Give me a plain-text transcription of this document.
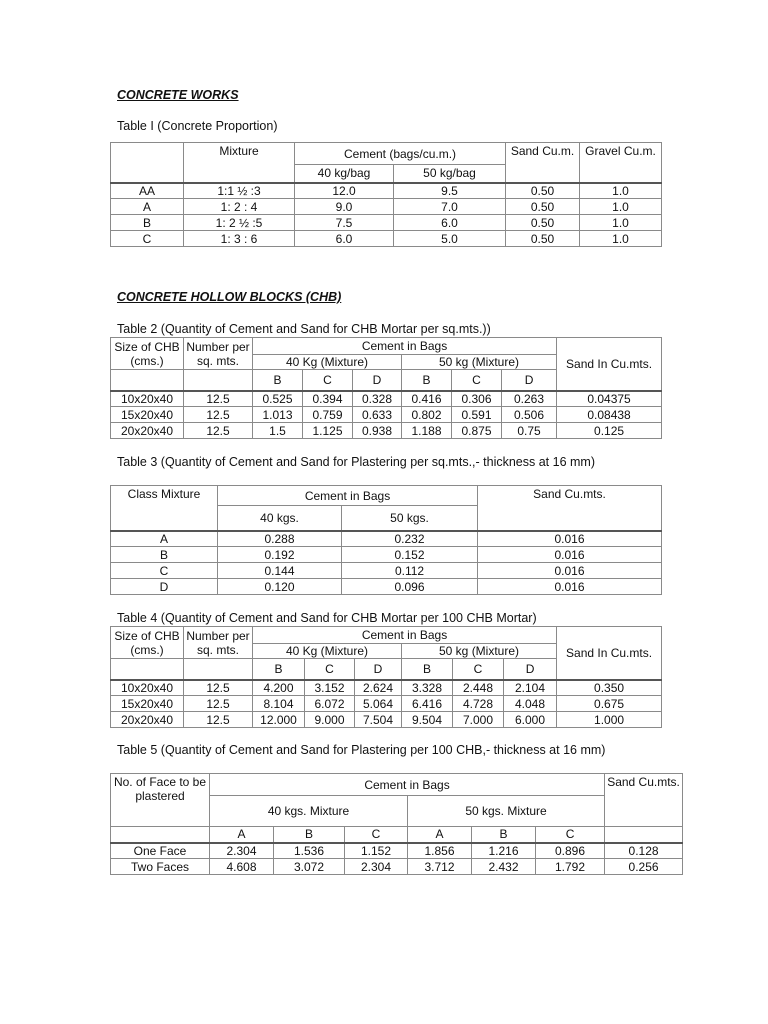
CONCRETE WORKS
Table I (Concrete Proportion)
	Mixture	Cement (bags/cu.m.)		Sand Cu.m.	Gravel Cu.m.
		40 kg/bag	50 kg/bag		
AA	1:1 ½ :3	12.0	9.5	0.50	1.0
A	1: 2 : 4	9.0	7.0	0.50	1.0
B	1: 2 ½ :5	7.5	6.0	0.50	1.0
C	1: 3 : 6	6.0	5.0	0.50	1.0
CONCRETE HOLLOW BLOCKS (CHB)
Table 2 (Quantity of Cement and Sand for CHB Mortar per sq.mts.))
Size of CHB (cms.)	Number per sq. mts.	Cement in Bags						Sand In Cu.mts.
		40 Kg (Mixture)			50 kg (Mixture)			
		B	C	D	B	C	D	
10x20x40	12.5	0.525	0.394	0.328	0.416	0.306	0.263	0.04375
15x20x40	12.5	1.013	0.759	0.633	0.802	0.591	0.506	0.08438
20x20x40	12.5	1.5	1.125	0.938	1.188	0.875	0.75	0.125
Table 3 (Quantity of Cement and Sand for Plastering per sq.mts.,- thickness at 16 mm)
Class Mixture	Cement in Bags		Sand Cu.mts.
	40 kgs.	50 kgs.	
A	0.288	0.232	0.016
B	0.192	0.152	0.016
C	0.144	0.112	0.016
D	0.120	0.096	0.016
Table 4 (Quantity of Cement and Sand for CHB Mortar per 100 CHB Mortar)
Size of CHB (cms.)	Number per sq. mts.	Cement in Bags						Sand In Cu.mts.
		40 Kg (Mixture)			50 kg (Mixture)			
		B	C	D	B	C	D	
10x20x40	12.5	4.200	3.152	2.624	3.328	2.448	2.104	0.350
15x20x40	12.5	8.104	6.072	5.064	6.416	4.728	4.048	0.675
20x20x40	12.5	12.000	9.000	7.504	9.504	7.000	6.000	1.000
Table 5 (Quantity of Cement and Sand for Plastering per 100 CHB,- thickness at 16 mm)
No. of Face to be plastered	Cement in Bags						Sand Cu.mts.
	40 kgs. Mixture			50 kgs. Mixture			
	A	B	C	A	B	C	
One Face	2.304	1.536	1.152	1.856	1.216	0.896	0.128
Two Faces	4.608	3.072	2.304	3.712	2.432	1.792	0.256
